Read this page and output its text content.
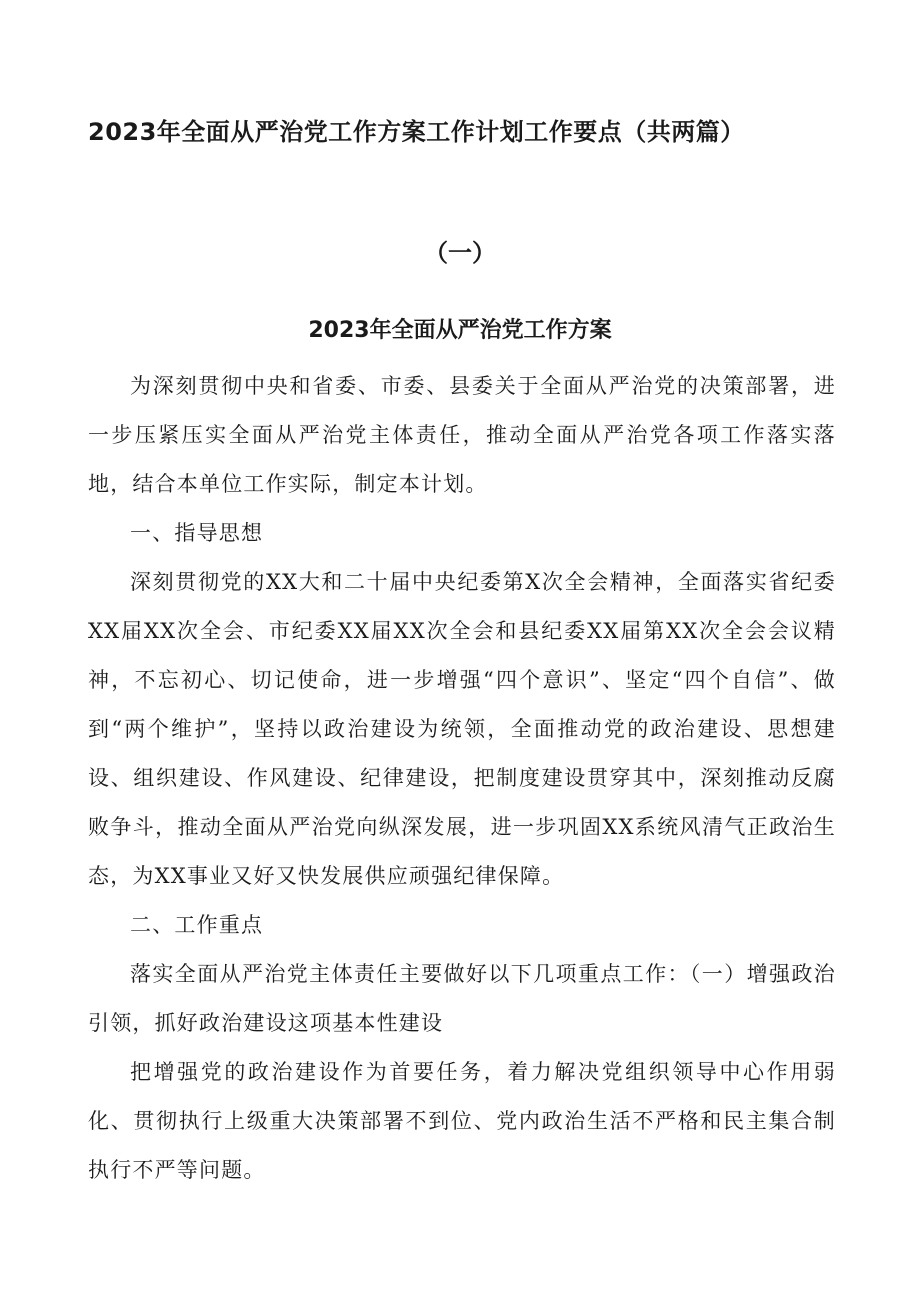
2023年全面从严治党工作方案工作计划工作要点（共两篇）
（一）
2023年全面从严治党工作方案

为深刻贯彻中央和省委、市委、县委关于全面从严治党的决策部署，进一步压紧压实全面从严治党主体责任，推动全面从严治党各项工作落实落地，结合本单位工作实际，制定本计划。

一、指导思想

深刻贯彻党的XX大和二十届中央纪委第X次全会精神，全面落实省纪委XX届XX次全会、市纪委XX届XX次全会和县纪委XX届第XX次全会会议精神，不忘初心、切记使命，进一步增强“四个意识”、坚定“四个自信”、做到“两个维护”，坚持以政治建设为统领，全面推动党的政治建设、思想建设、组织建设、作风建设、纪律建设，把制度建设贯穿其中，深刻推动反腐败争斗，推动全面从严治党向纵深发展，进一步巩固XX系统风清气正政治生态，为XX事业又好又快发展供应顽强纪律保障。

二、工作重点

落实全面从严治党主体责任主要做好以下几项重点工作：（一）增强政治引领，抓好政治建设这项基本性建设

把增强党的政治建设作为首要任务，着力解决党组织领导中心作用弱化、贯彻执行上级重大决策部署不到位、党内政治生活不严格和民主集合制执行不严等问题。
